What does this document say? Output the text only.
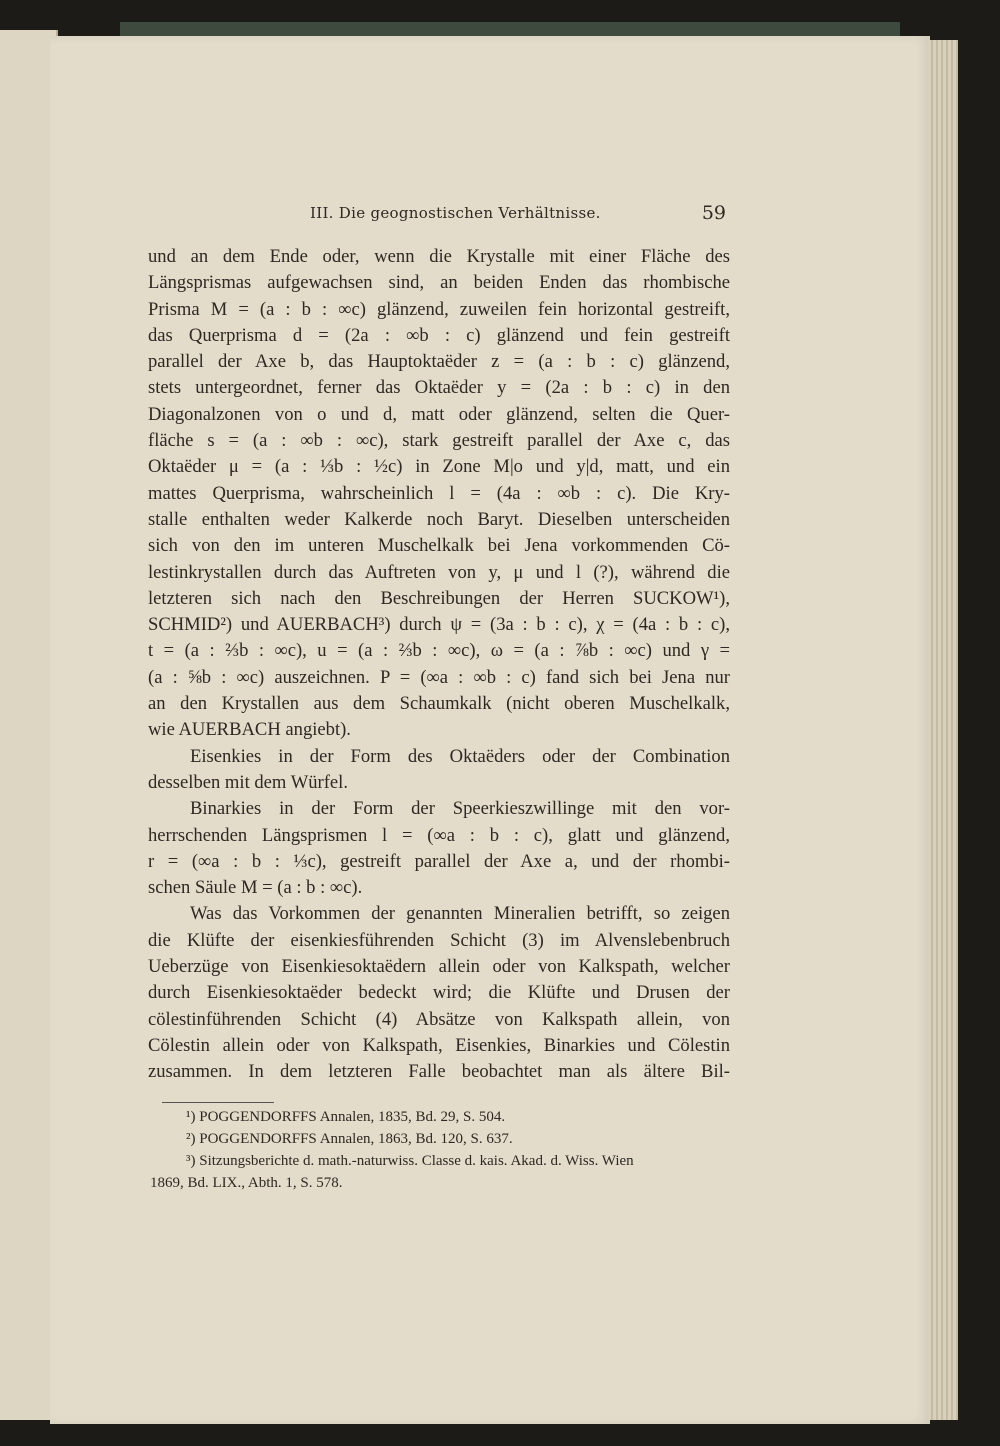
III. Die geognostischen Verhältnisse.	59
und an dem Ende oder, wenn die Krystalle mit einer Fläche des
Längsprismas aufgewachsen sind, an beiden Enden das rhombische
Prisma M = (a : b : ∞c) glänzend, zuweilen fein horizontal gestreift,
das Querprisma d = (2a : ∞b : c) glänzend und fein gestreift
parallel der Axe b, das Hauptoktaëder z = (a : b : c) glänzend,
stets untergeordnet, ferner das Oktaëder y = (2a : b : c) in den
Diagonalzonen von o und d, matt oder glänzend, selten die Quer-
fläche s = (a : ∞b : ∞c), stark gestreift parallel der Axe c, das
Oktaëder μ = (a : ⅓b : ½c) in Zone M|o und y|d, matt, und ein
mattes Querprisma, wahrscheinlich l = (4a : ∞b : c). Die Kry-
stalle enthalten weder Kalkerde noch Baryt. Dieselben unterscheiden
sich von den im unteren Muschelkalk bei Jena vorkommenden Cö-
lestinkrystallen durch das Auftreten von y, μ und l (?), während die
letzteren sich nach den Beschreibungen der Herren SUCKOW¹),
SCHMID²) und AUERBACH³) durch ψ = (3a : b : c), χ = (4a : b : c),
t = (a : ⅔b : ∞c), u = (a : ⅔b : ∞c), ω = (a : ⅞b : ∞c) und γ =
(a : ⅝b : ∞c) auszeichnen. P = (∞a : ∞b : c) fand sich bei Jena nur
an den Krystallen aus dem Schaumkalk (nicht oberen Muschelkalk,
wie AUERBACH angiebt).
Eisenkies in der Form des Oktaëders oder der Combination
desselben mit dem Würfel.
Binarkies in der Form der Speerkieszwillinge mit den vor-
herrschenden Längsprismen l = (∞a : b : c), glatt und glänzend,
r = (∞a : b : ⅓c), gestreift parallel der Axe a, und der rhombi-
schen Säule M = (a : b : ∞c).
Was das Vorkommen der genannten Mineralien betrifft, so zeigen
die Klüfte der eisenkiesführenden Schicht (3) im Alvenslebenbruch
Ueberzüge von Eisenkiesoktaëdern allein oder von Kalkspath, welcher
durch Eisenkiesoktaëder bedeckt wird; die Klüfte und Drusen der
cölestinführenden Schicht (4) Absätze von Kalkspath allein, von
Cölestin allein oder von Kalkspath, Eisenkies, Binarkies und Cölestin
zusammen. In dem letzteren Falle beobachtet man als ältere Bil-
¹) POGGENDORFFS Annalen, 1835, Bd. 29, S. 504.
²) POGGENDORFFS Annalen, 1863, Bd. 120, S. 637.
³) Sitzungsberichte d. math.-naturwiss. Classe d. kais. Akad. d. Wiss. Wien
1869, Bd. LIX., Abth. 1, S. 578.
